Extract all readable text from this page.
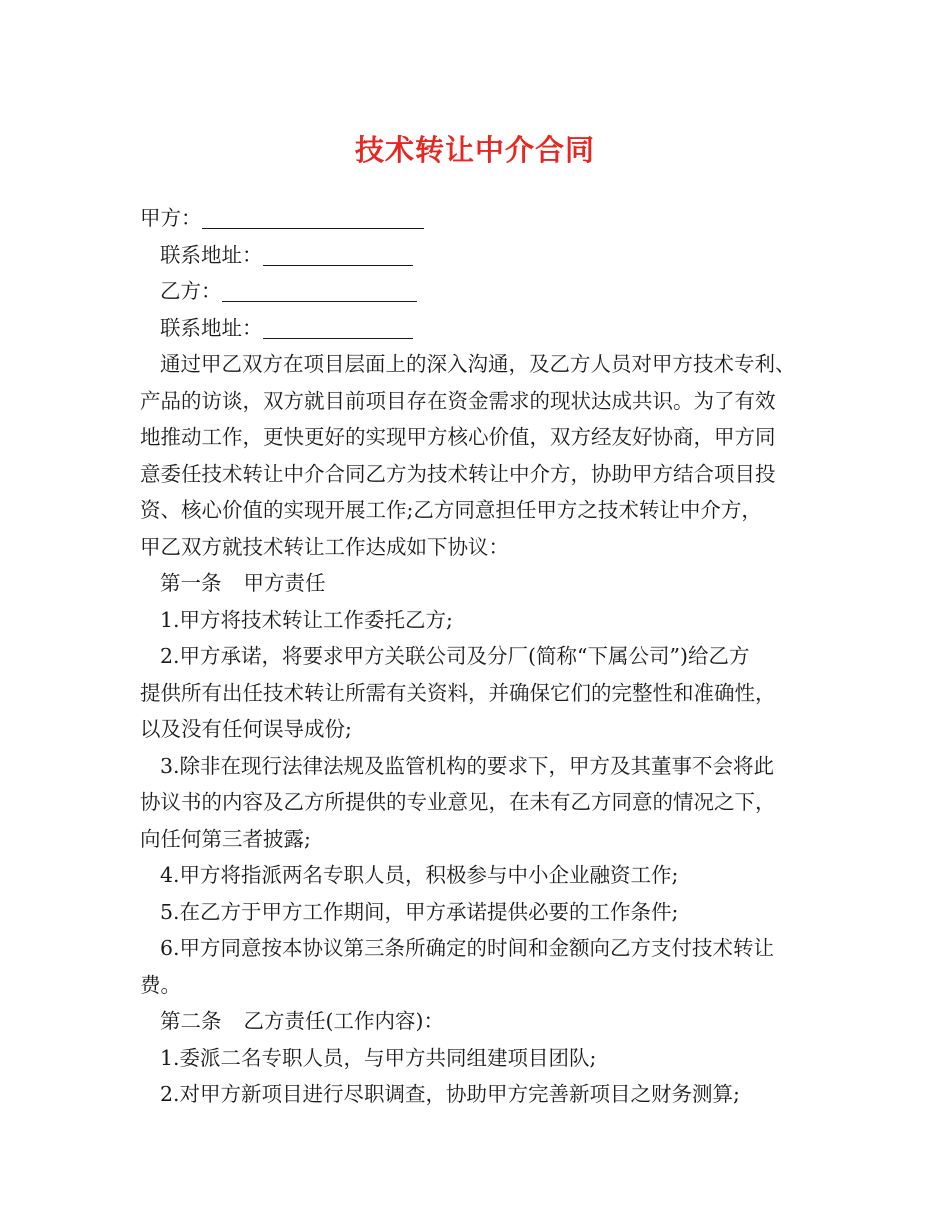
技术转让中介合同
甲方：
联系地址：
乙方：
联系地址：
通过甲乙双方在项目层面上的深入沟通，及乙方人员对甲方技术专利、
产品的访谈，双方就目前项目存在资金需求的现状达成共识。为了有效
地推动工作，更快更好的实现甲方核心价值，双方经友好协商，甲方同
意委任技术转让中介合同乙方为技术转让中介方，协助甲方结合项目投
资、核心价值的实现开展工作;乙方同意担任甲方之技术转让中介方，
甲乙双方就技术转让工作达成如下协议：
第一条 甲方责任
1.甲方将技术转让工作委托乙方;
2.甲方承诺，将要求甲方关联公司及分厂(简称“下属公司”)给乙方
提供所有出任技术转让所需有关资料，并确保它们的完整性和准确性，
以及没有任何误导成份;
3.除非在现行法律法规及监管机构的要求下，甲方及其董事不会将此
协议书的内容及乙方所提供的专业意见，在未有乙方同意的情况之下，
向任何第三者披露;
4.甲方将指派两名专职人员，积极参与中小企业融资工作;
5.在乙方于甲方工作期间，甲方承诺提供必要的工作条件;
6.甲方同意按本协议第三条所确定的时间和金额向乙方支付技术转让
费。
第二条 乙方责任(工作内容)：
1.委派二名专职人员，与甲方共同组建项目团队;
2.对甲方新项目进行尽职调查，协助甲方完善新项目之财务测算;
